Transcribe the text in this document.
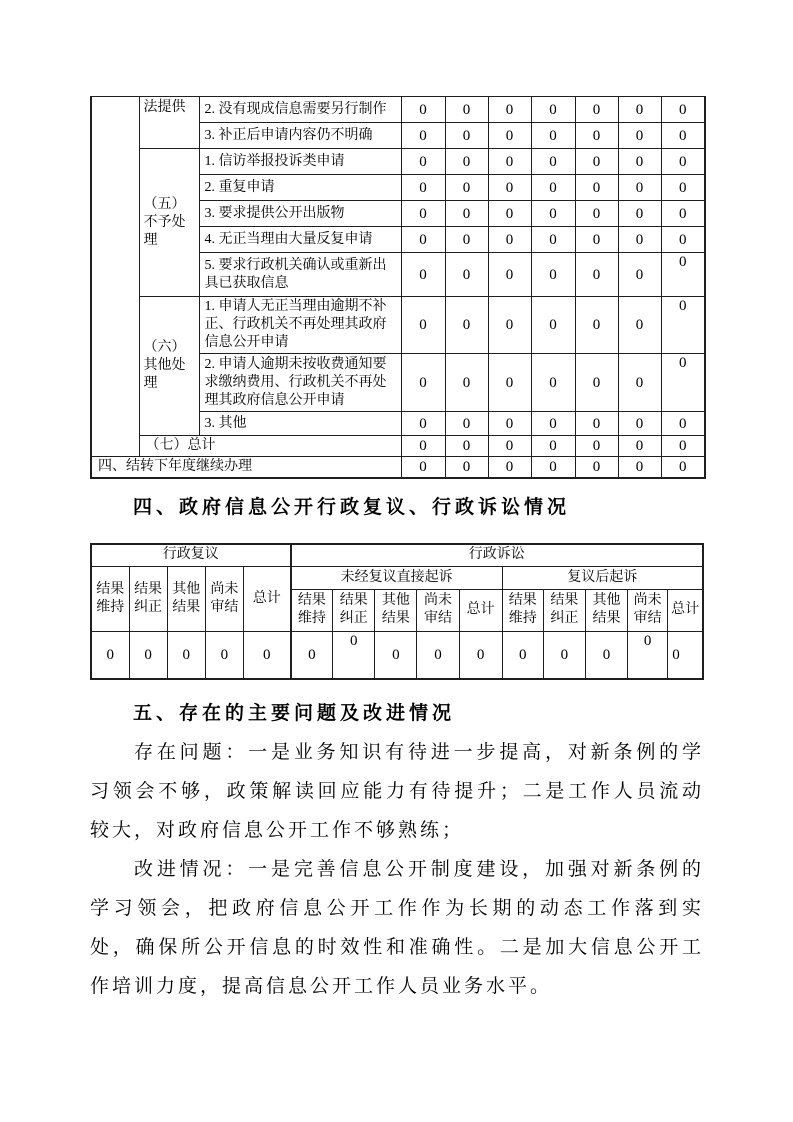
	法提供	2. 没有现成信息需要另行制作	0	0	0	0	0	0	0
		3. 补正后申请内容仍不明确	0	0	0	0	0	0	0
	（五）不予处理	1. 信访举报投诉类申请	0	0	0	0	0	0	0
		2. 重复申请	0	0	0	0	0	0	0
		3. 要求提供公开出版物	0	0	0	0	0	0	0
		4. 无正当理由大量反复申请	0	0	0	0	0	0	0
		5. 要求行政机关确认或重新出具已获取信息	0	0	0	0	0	0	0
	（六）其他处理	1. 申请人无正当理由逾期不补正、行政机关不再处理其政府信息公开申请	0	0	0	0	0	0	0
		2. 申请人逾期未按收费通知要求缴纳费用、行政机关不再处理其政府信息公开申请	0	0	0	0	0	0	0
		3. 其他	0	0	0	0	0	0	0
	（七）总计		0	0	0	0	0	0	0
四、结转下年度继续办理			0	0	0	0	0	0	0
四、政府信息公开行政复议、行政诉讼情况
行政复议					行政诉讼									
结果维持	结果纠正	其他结果	尚未审结	总计	未经复议直接起诉					复议后起诉				
					结果维持	结果纠正	其他结果	尚未审结	总计	结果维持	结果纠正	其他结果	尚未审结	总计
0	0	0	0	0	0	0	0	0	0	0	0	0	0	0
五、存在的主要问题及改进情况

存在问题：一是业务知识有待进一步提高，对新条例的学习领会不够，政策解读回应能力有待提升；二是工作人员流动较大，对政府信息公开工作不够熟练；

改进情况：一是完善信息公开制度建设，加强对新条例的学习领会，把政府信息公开工作作为长期的动态工作落到实处，确保所公开信息的时效性和准确性。二是加大信息公开工作培训力度，提高信息公开工作人员业务水平。
